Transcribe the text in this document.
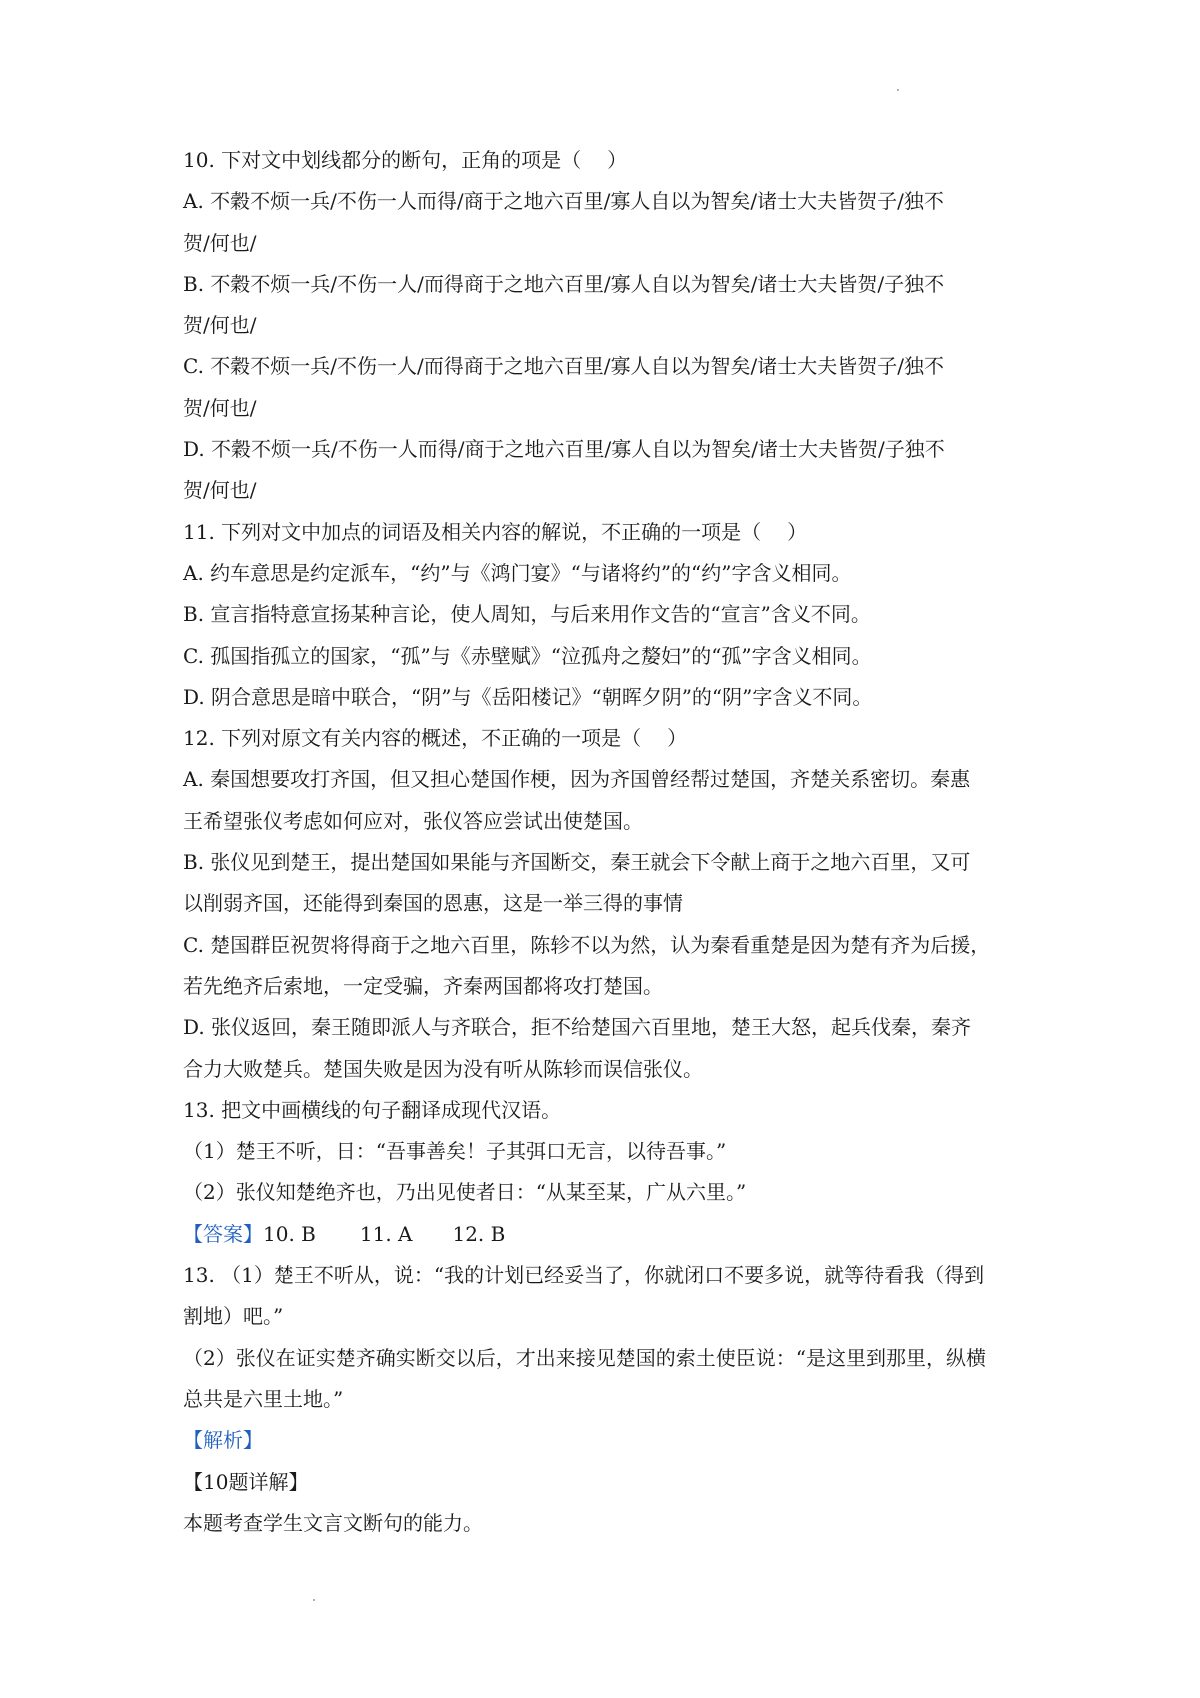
10. 下对文中划线都分的断句，正角的项是（ ）
A. 不穀不烦一兵/不伤一人而得/商于之地六百里/寡人自以为智矣/诸士大夫皆贺子/独不
贺/何也/
B. 不穀不烦一兵/不伤一人/而得商于之地六百里/寡人自以为智矣/诸士大夫皆贺/子独不
贺/何也/
C. 不穀不烦一兵/不伤一人/而得商于之地六百里/寡人自以为智矣/诸士大夫皆贺子/独不
贺/何也/
D. 不穀不烦一兵/不伤一人而得/商于之地六百里/寡人自以为智矣/诸士大夫皆贺/子独不
贺/何也/
11. 下列对文中加点的词语及相关内容的解说，不正确的一项是（ ）
A. 约车意思是约定派车，“约”与《鸿门宴》“与诸将约”的“约”字含义相同。
B. 宣言指特意宣扬某种言论，使人周知，与后来用作文告的“宣言”含义不同。
C. 孤国指孤立的国家，“孤”与《赤壁赋》“泣孤舟之嫠妇”的“孤”字含义相同。
D. 阴合意思是暗中联合，“阴”与《岳阳楼记》“朝晖夕阴”的“阴”字含义不同。
12. 下列对原文有关内容的概述，不正确的一项是（ ）
A. 秦国想要攻打齐国，但又担心楚国作梗，因为齐国曾经帮过楚国，齐楚关系密切。秦惠
王希望张仪考虑如何应对，张仪答应尝试出使楚国。
B. 张仪见到楚王，提出楚国如果能与齐国断交，秦王就会下令献上商于之地六百里，又可
以削弱齐国，还能得到秦国的恩惠，这是一举三得的事情
C. 楚国群臣祝贺将得商于之地六百里，陈轸不以为然，认为秦看重楚是因为楚有齐为后援，
若先绝齐后索地，一定受骗，齐秦两国都将攻打楚国。
D. 张仪返回，秦王随即派人与齐联合，拒不给楚国六百里地，楚王大怒，起兵伐秦，秦齐
合力大败楚兵。楚国失败是因为没有听从陈轸而误信张仪。
13. 把文中画横线的句子翻译成现代汉语。
（1）楚王不听，日：“吾事善矣！子其弭口无言，以待吾事。”
（2）张仪知楚绝齐也，乃出见使者日：“从某至某，广从六里。”
【答案】10. B 11. A 12. B
13. （1）楚王不听从，说：“我的计划已经妥当了，你就闭口不要多说，就等待看我（得到
割地）吧。”
（2）张仪在证实楚齐确实断交以后，才出来接见楚国的索土使臣说：“是这里到那里，纵横
总共是六里土地。”
【解析】
【10题详解】
本题考查学生文言文断句的能力。
